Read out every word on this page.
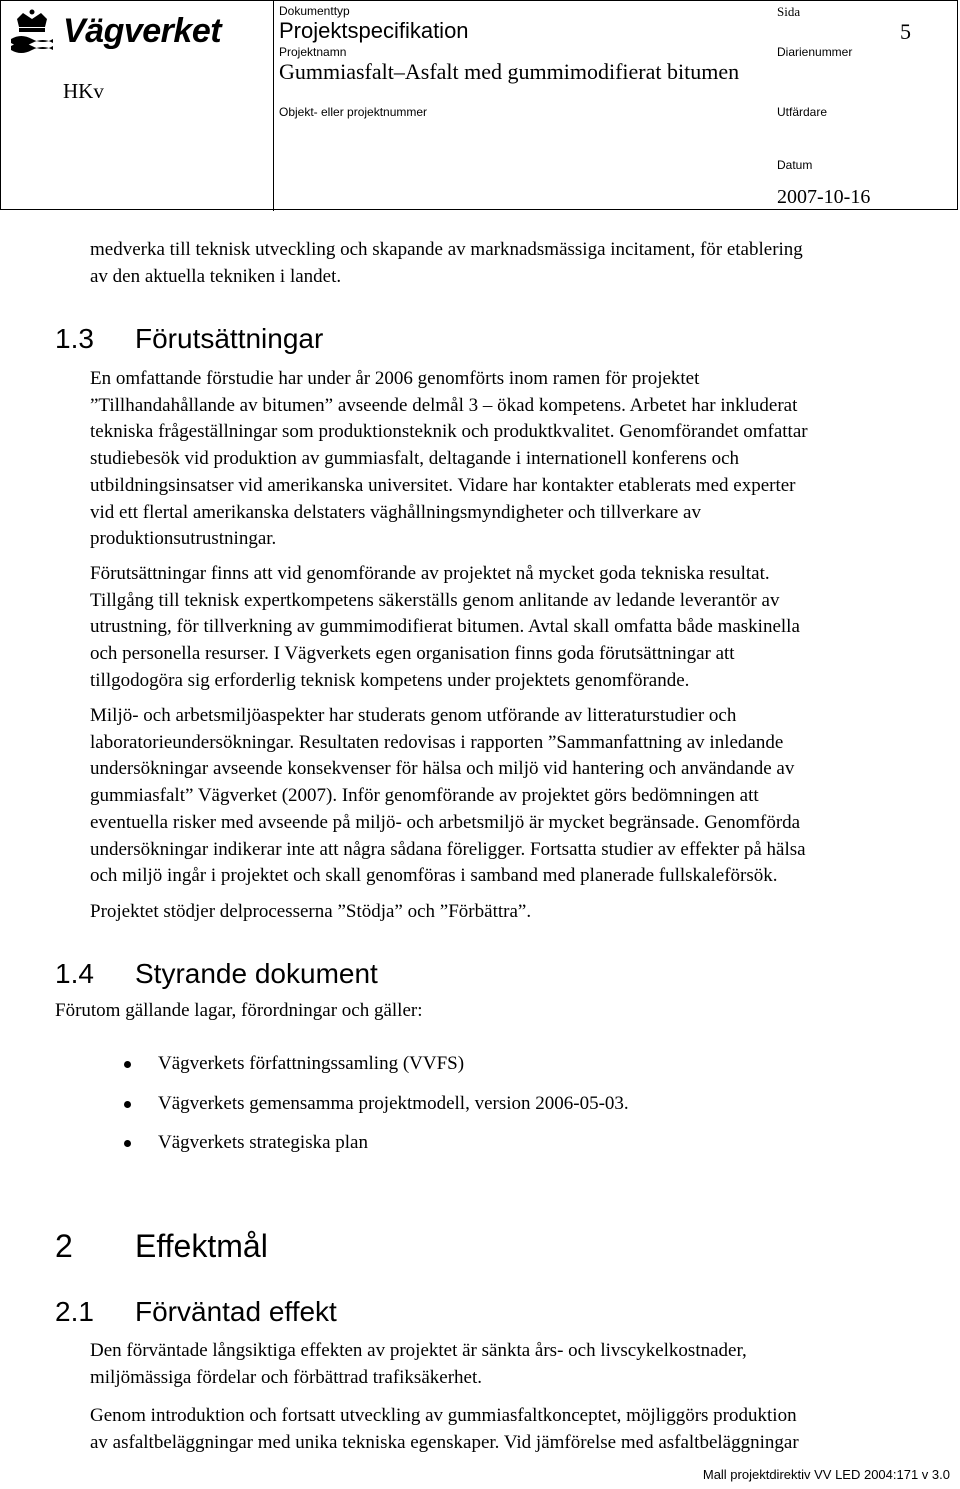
Vägverket
HKv
Dokumenttyp
Projektspecifikation
Sida
5
Projektnamn	Diarienummer
Gummiasfalt–Asfalt med gummimodifierat bitumen
Objekt- eller projektnummer	Utfärdare
Datum
2007-10-16
medverka till teknisk utveckling och skapande av marknadsmässiga incitament, för etablering
av den aktuella tekniken i landet.
1.3 Förutsättningar
En omfattande förstudie har under år 2006 genomförts inom ramen för projektet
”Tillhandahållande av bitumen” avseende delmål 3 – ökad kompetens. Arbetet har inkluderat
tekniska frågeställningar som produktionsteknik och produktkvalitet. Genomförandet omfattar
studiebesök vid produktion av gummiasfalt, deltagande i internationell konferens och
utbildningsinsatser vid amerikanska universitet. Vidare har kontakter etablerats med experter
vid ett flertal amerikanska delstaters väghållningsmyndigheter och tillverkare av
produktionsutrustningar.
Förutsättningar finns att vid genomförande av projektet nå mycket goda tekniska resultat.
Tillgång till teknisk expertkompetens säkerställs genom anlitande av ledande leverantör av
utrustning, för tillverkning av gummimodifierat bitumen. Avtal skall omfatta både maskinella
och personella resurser. I Vägverkets egen organisation finns goda förutsättningar att
tillgodogöra sig erforderlig teknisk kompetens under projektets genomförande.
Miljö- och arbetsmiljöaspekter har studerats genom utförande av litteraturstudier och
laboratorieundersökningar. Resultaten redovisas i rapporten ”Sammanfattning av inledande
undersökningar avseende konsekvenser för hälsa och miljö vid hantering och användande av
gummiasfalt” Vägverket (2007). Inför genomförande av projektet görs bedömningen att
eventuella risker med avseende på miljö- och arbetsmiljö är mycket begränsade. Genomförda
undersökningar indikerar inte att några sådana föreligger. Fortsatta studier av effekter på hälsa
och miljö ingår i projektet och skall genomföras i samband med planerade fullskaleförsök.
Projektet stödjer delprocesserna ”Stödja” och ”Förbättra”.
1.4 Styrande dokument
Förutom gällande lagar, förordningar och gäller:
Vägverkets författningssamling (VVFS)
Vägverkets gemensamma projektmodell, version 2006-05-03.
Vägverkets strategiska plan
2 Effektmål
2.1 Förväntad effekt
Den förväntade långsiktiga effekten av projektet är sänkta års- och livscykelkostnader,
miljömässiga fördelar och förbättrad trafiksäkerhet.
Genom introduktion och fortsatt utveckling av gummiasfaltkonceptet, möjliggörs produktion
av asfaltbeläggningar med unika tekniska egenskaper. Vid jämförelse med asfaltbeläggningar
Mall projektdirektiv VV LED 2004:171 v 3.0
